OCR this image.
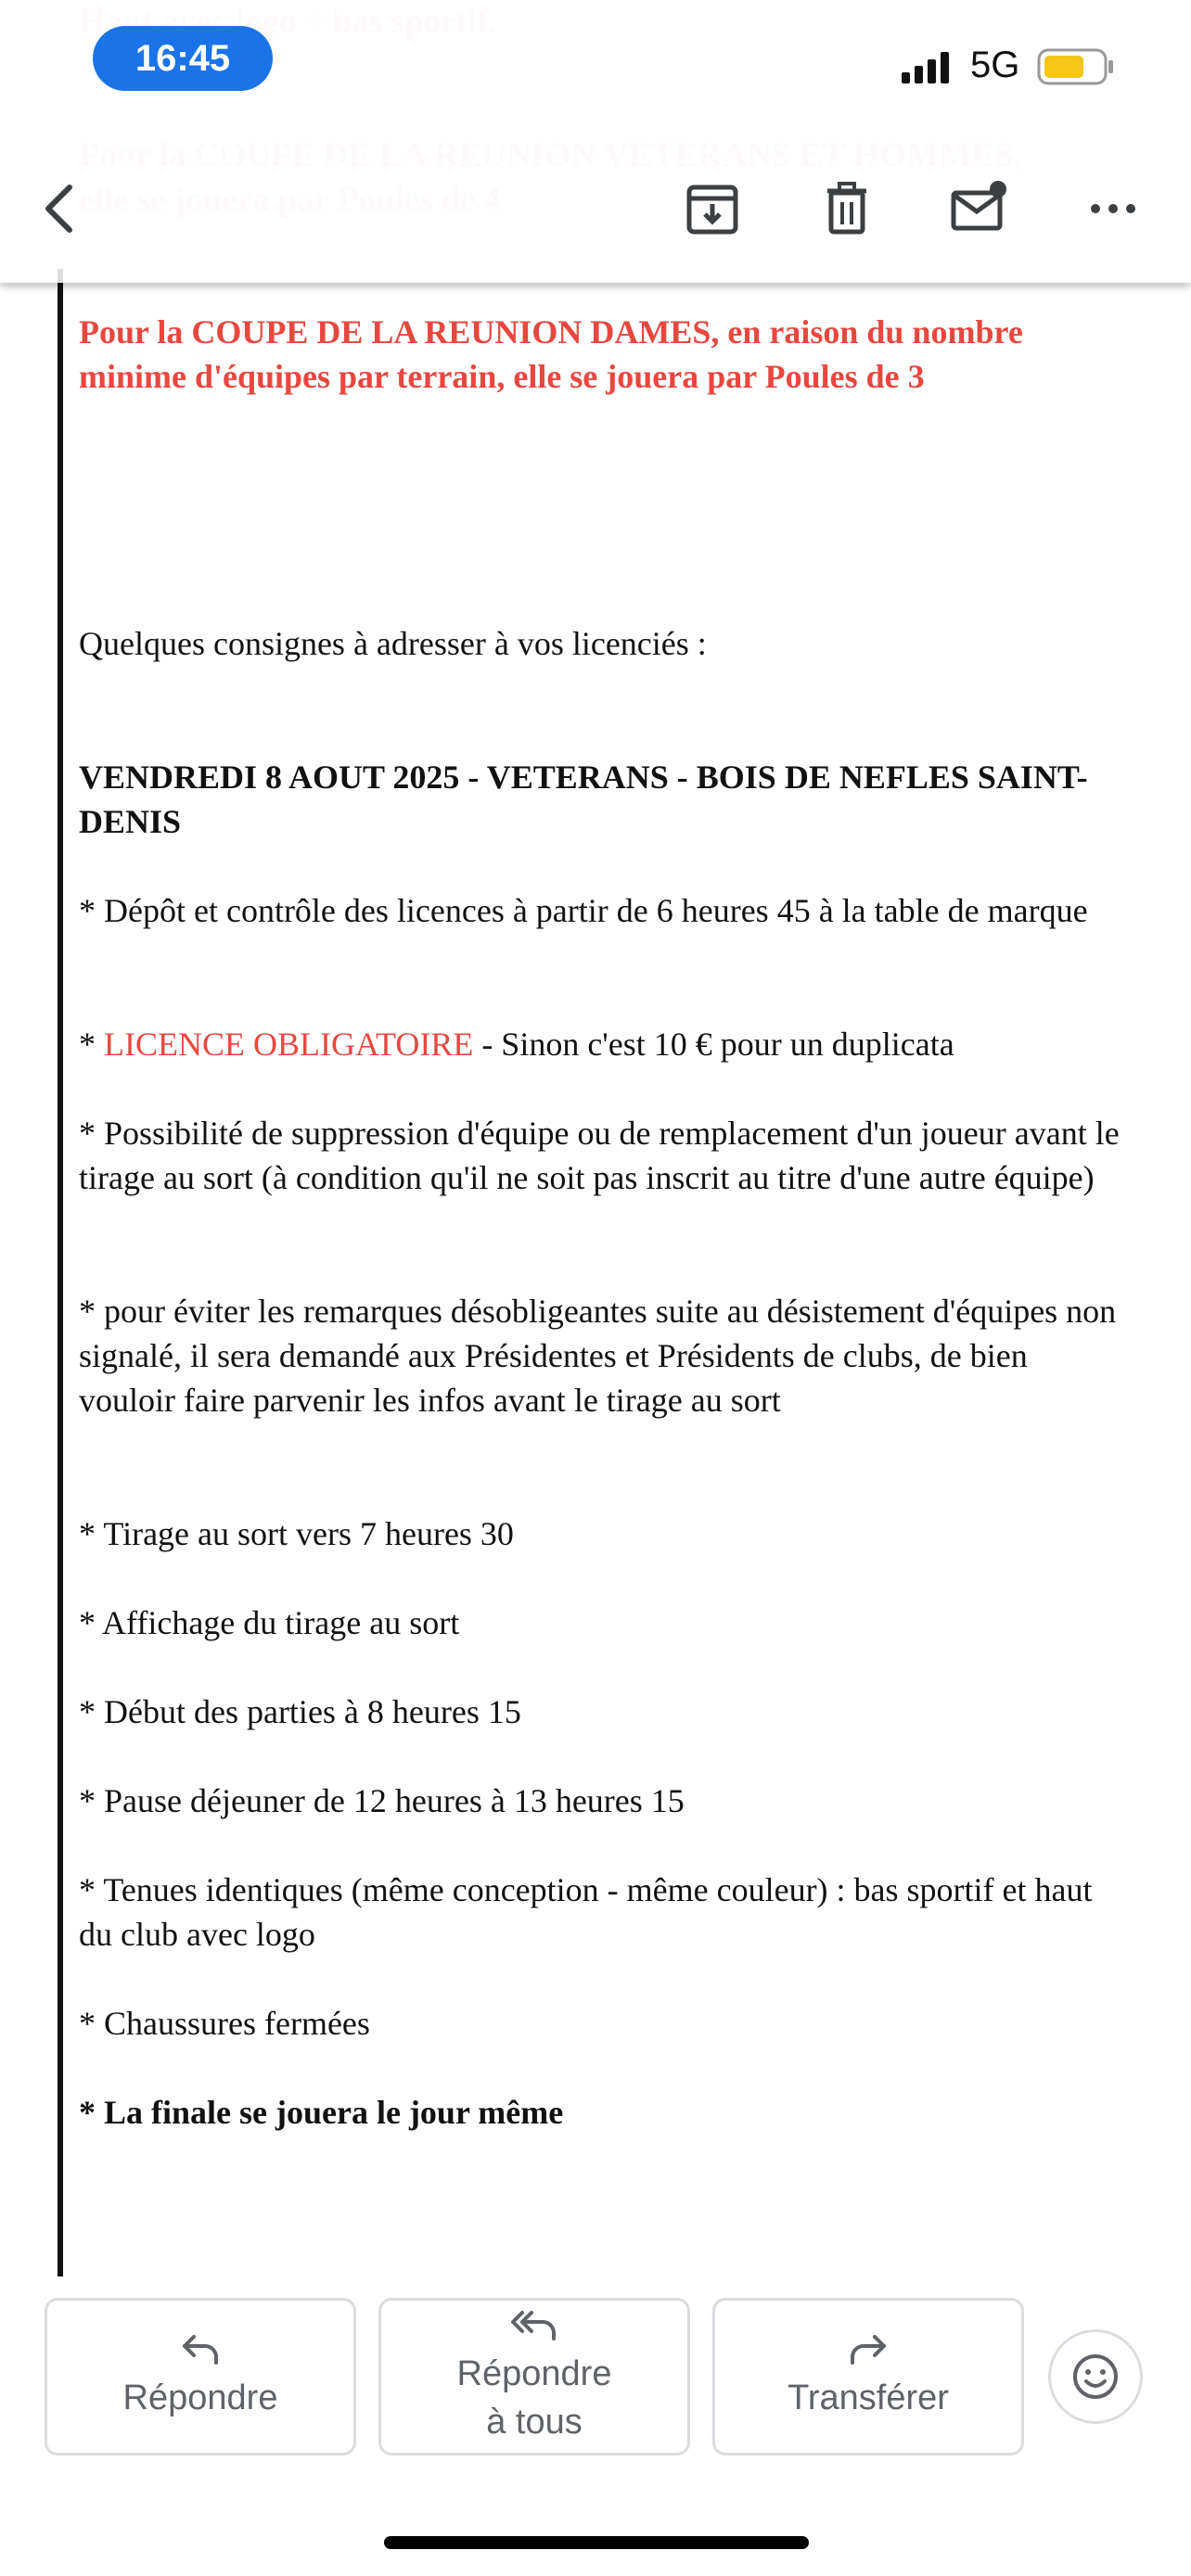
Pour la COUPE DE LA REUNION DAMES, en raison du nombre minime d'équipes par terrain, elle se jouera par Poules de 3
Quelques consignes à adresser à vos licenciés :
VENDREDI 8 AOUT 2025 - VETERANS - BOIS DE NEFLES SAINT-DENIS
* Dépôt et contrôle des licences à partir de 6 heures 45 à la table de marque
* LICENCE OBLIGATOIRE - Sinon c'est 10 € pour un duplicata
* Possibilité de suppression d'équipe ou de remplacement d'un joueur avant le tirage au sort (à condition qu'il ne soit pas inscrit au titre d'une autre équipe)
* pour éviter les remarques désobligeantes suite au désistement d'équipes non signalé, il sera demandé aux Présidentes et Présidents de clubs, de bien vouloir faire parvenir les infos avant le tirage au sort
* Tirage au sort vers 7 heures 30
* Affichage du tirage au sort
* Début des parties à 8 heures 15
* Pause déjeuner de 12 heures à 13 heures 15
* Tenues identiques (même conception - même couleur) : bas sportif et haut du club avec logo
* Chaussures fermées
* La finale se jouera le jour même
16:45	5G
Répondre
Répondre
à tous
Transférer
